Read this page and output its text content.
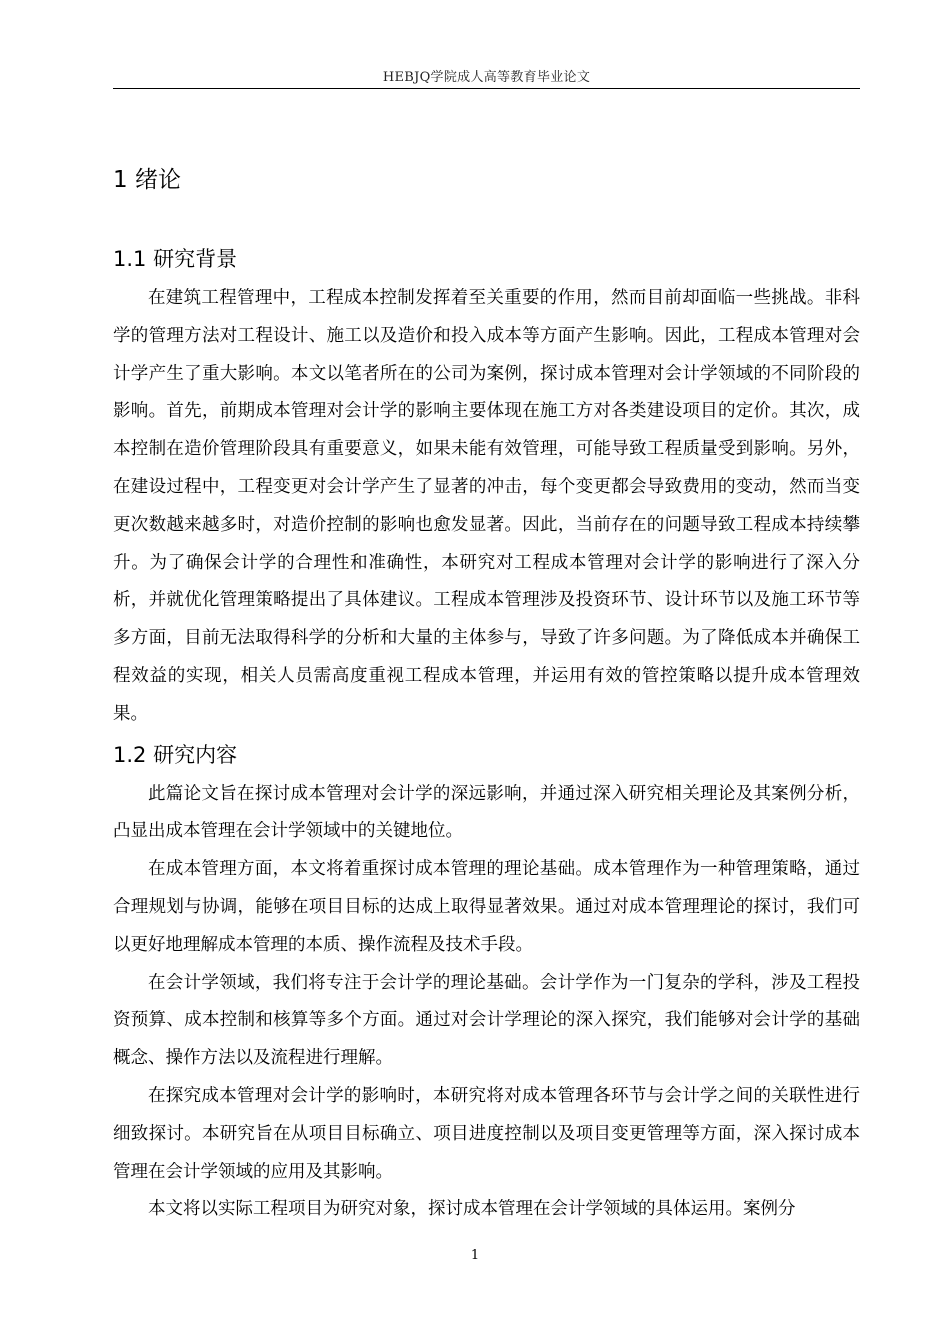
HEBJQ学院成人高等教育毕业论文
1 绪论
1.1 研究背景

在建筑工程管理中，工程成本控制发挥着至关重要的作用，然而目前却面临一些挑战。非科学的管理方法对工程设计、施工以及造价和投入成本等方面产生影响。因此，工程成本管理对会计学产生了重大影响。本文以笔者所在的公司为案例，探讨成本管理对会计学领域的不同阶段的影响。首先，前期成本管理对会计学的影响主要体现在施工方对各类建设项目的定价。其次，成本控制在造价管理阶段具有重要意义，如果未能有效管理，可能导致工程质量受到影响。另外，在建设过程中，工程变更对会计学产生了显著的冲击，每个变更都会导致费用的变动，然而当变更次数越来越多时，对造价控制的影响也愈发显著。因此，当前存在的问题导致工程成本持续攀升。为了确保会计学的合理性和准确性，本研究对工程成本管理对会计学的影响进行了深入分析，并就优化管理策略提出了具体建议。工程成本管理涉及投资环节、设计环节以及施工环节等多方面，目前无法取得科学的分析和大量的主体参与，导致了许多问题。为了降低成本并确保工程效益的实现，相关人员需高度重视工程成本管理，并运用有效的管控策略以提升成本管理效果。

1.2 研究内容

此篇论文旨在探讨成本管理对会计学的深远影响，并通过深入研究相关理论及其案例分析，凸显出成本管理在会计学领域中的关键地位。

在成本管理方面，本文将着重探讨成本管理的理论基础。成本管理作为一种管理策略，通过合理规划与协调，能够在项目目标的达成上取得显著效果。通过对成本管理理论的探讨，我们可以更好地理解成本管理的本质、操作流程及技术手段。

在会计学领域，我们将专注于会计学的理论基础。会计学作为一门复杂的学科，涉及工程投资预算、成本控制和核算等多个方面。通过对会计学理论的深入探究，我们能够对会计学的基础概念、操作方法以及流程进行理解。

在探究成本管理对会计学的影响时，本研究将对成本管理各环节与会计学之间的关联性进行细致探讨。本研究旨在从项目目标确立、项目进度控制以及项目变更管理等方面，深入探讨成本管理在会计学领域的应用及其影响。

本文将以实际工程项目为研究对象，探讨成本管理在会计学领域的具体运用。案例分

1
